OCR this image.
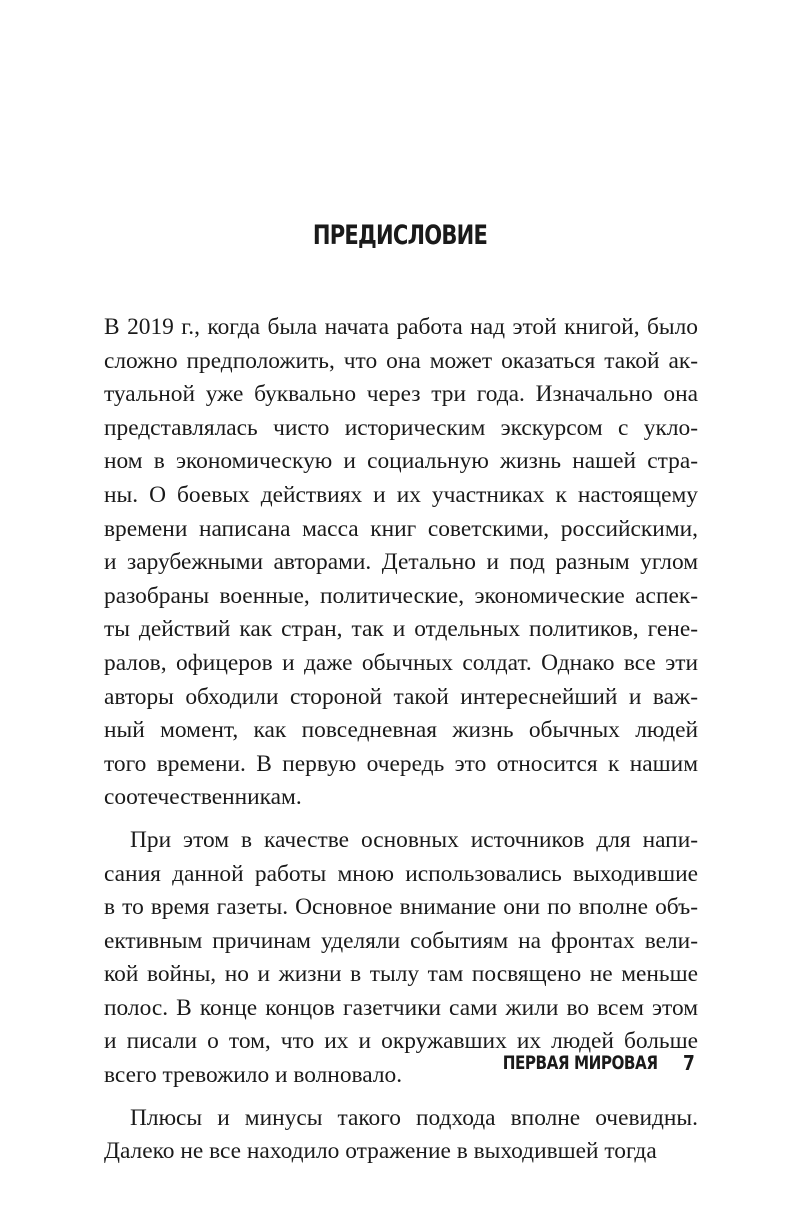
ПРЕДИСЛОВИЕ

В 2019 г., когда была начата работа над этой книгой, было
сложно предположить, что она может оказаться такой ак-
туальной уже буквально через три года. Изначально она
представлялась чисто историческим экскурсом с укло-
ном в экономическую и социальную жизнь нашей стра-
ны. О боевых действиях и их участниках к настоящему
времени написана масса книг советскими, российскими,
и зарубежными авторами. Детально и под разным углом
разобраны военные, политические, экономические аспек-
ты действий как стран, так и отдельных политиков, гене-
ралов, офицеров и даже обычных солдат. Однако все эти
авторы обходили стороной такой интереснейший и важ-
ный момент, как повседневная жизнь обычных людей
того времени. В первую очередь это относится к нашим
соотечественникам.

При этом в качестве основных источников для напи-
сания данной работы мною использовались выходившие
в то время газеты. Основное внимание они по вполне объ-
ективным причинам уделяли событиям на фронтах вели-
кой войны, но и жизни в тылу там посвящено не меньше
полос. В конце концов газетчики сами жили во всем этом
и писали о том, что их и окружавших их людей больше
всего тревожило и волновало.

Плюсы и минусы такого подхода вполне очевидны.
Далеко не все находило отражение в выходившей тогда

ПЕРВАЯ МИРОВАЯ 7
